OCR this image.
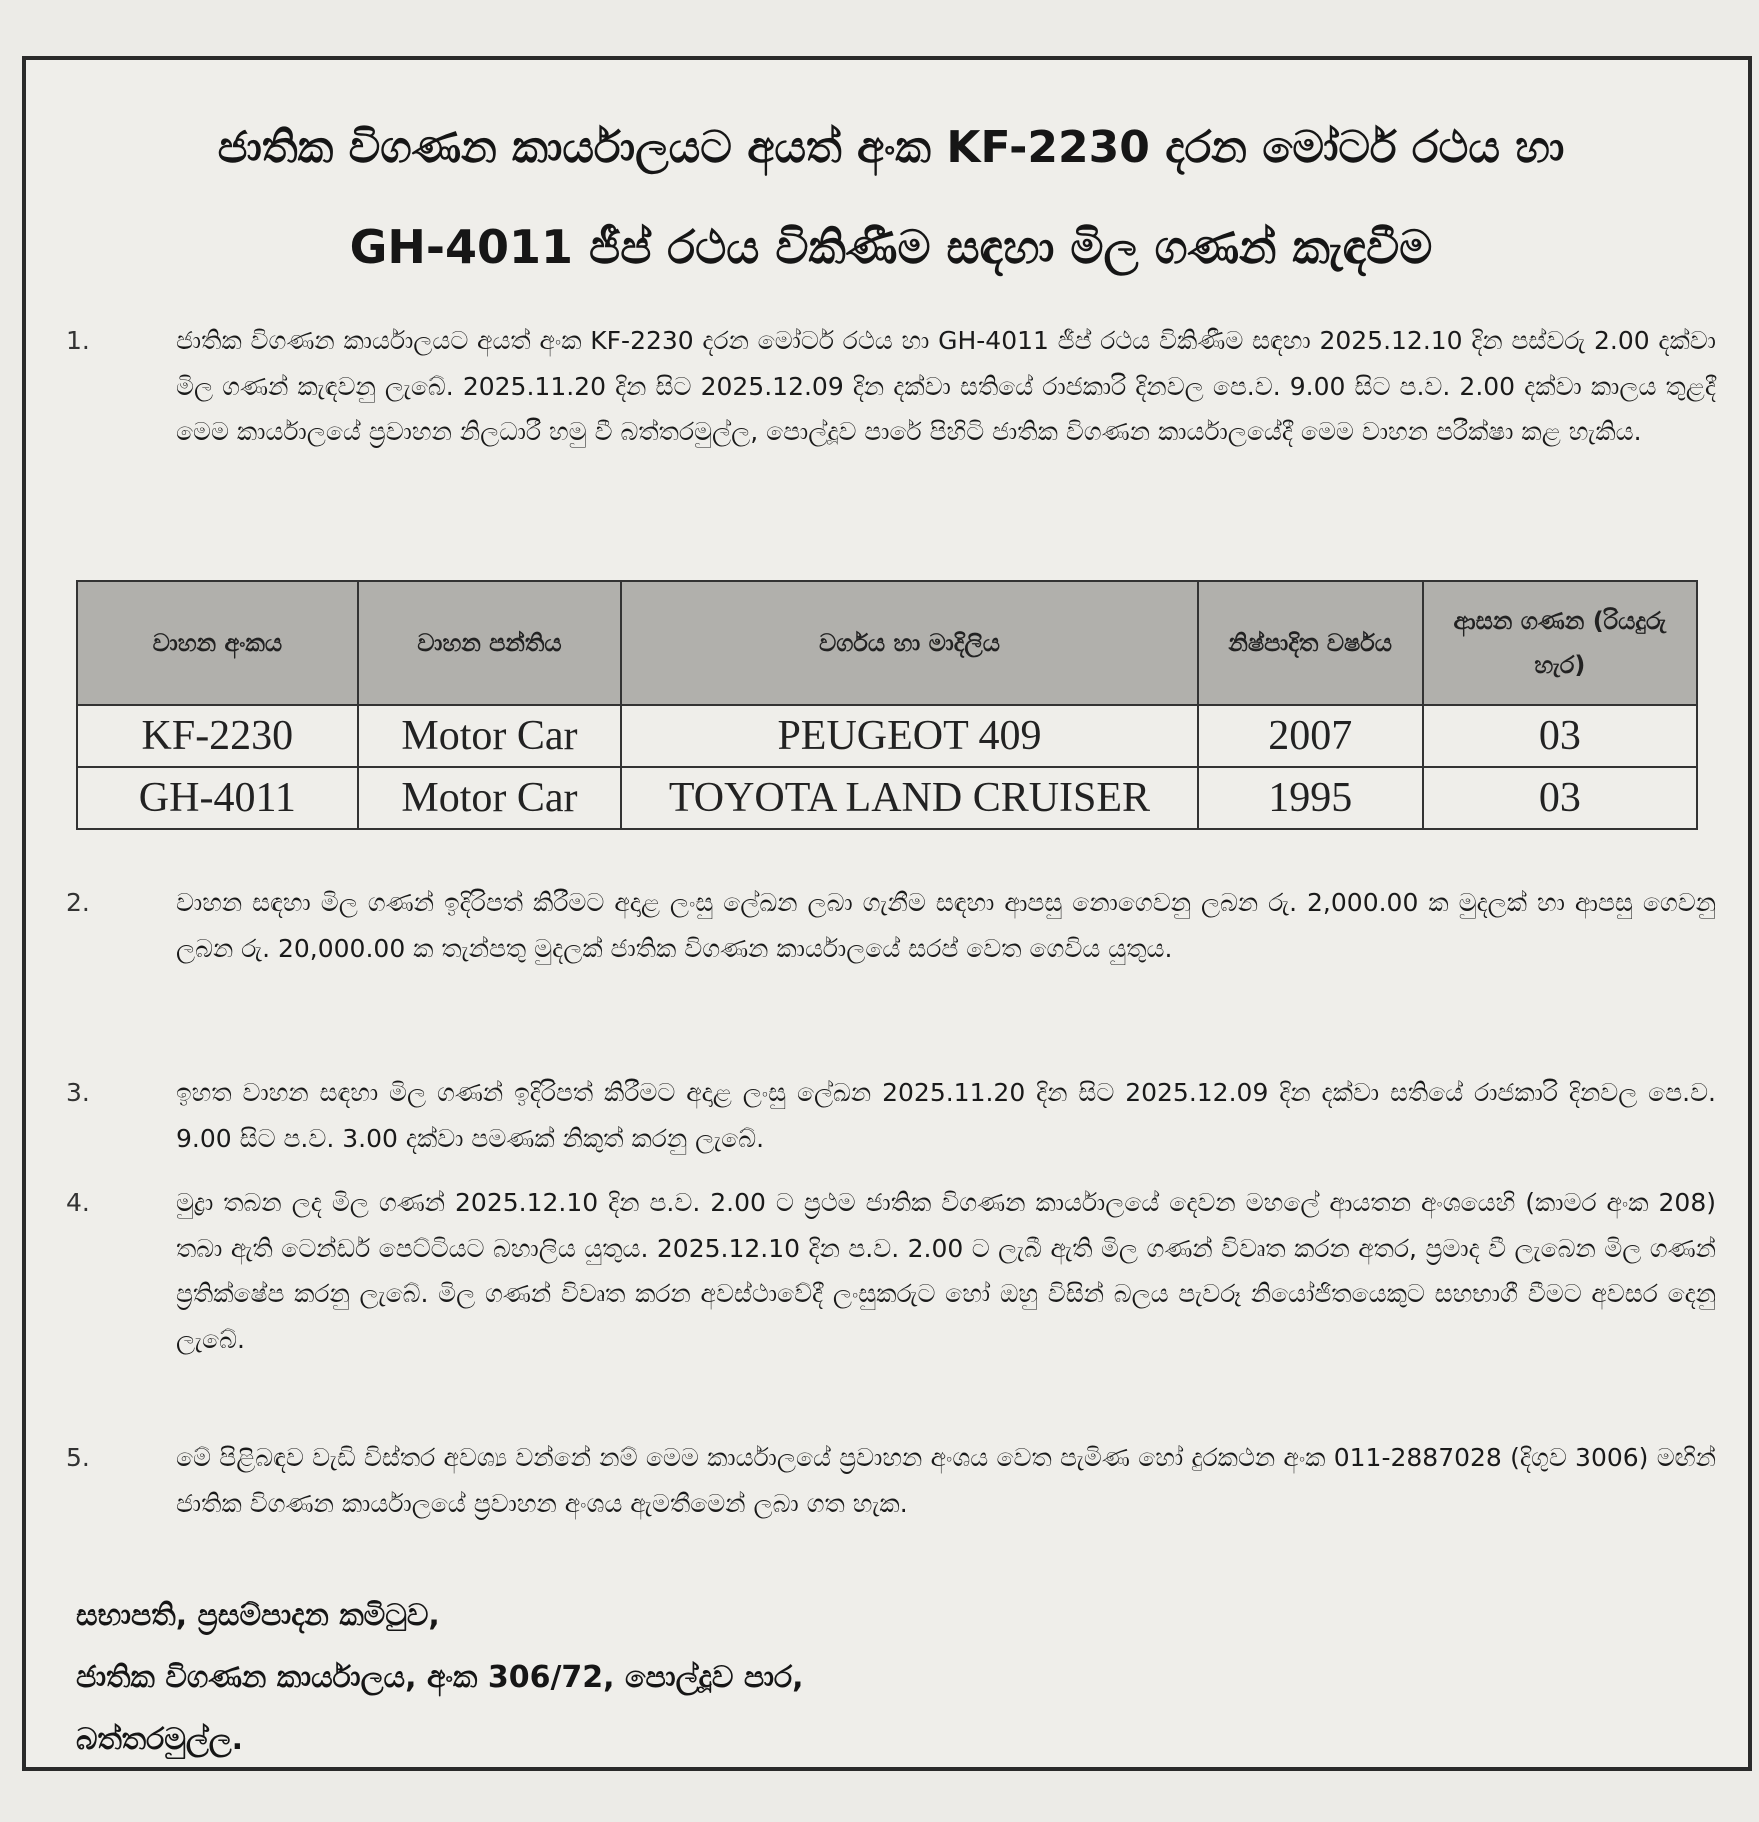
ජාතික විගණන කාර්යාලයට අයත් අංක KF-2230 දරන මෝටර් රථය හා
GH-4011 ජීප් රථය විකිණීම සඳහා මිල ගණන් කැඳවීම
1.	ජාතික විගණන කාර්යාලයට අයත් අංක KF-2230 දරන මෝටර් රථය හා GH-4011 ජීප් රථය විකිණීම සඳහා 2025.12.10 දින පස්වරු 2.00 දක්වා මිල ගණන් කැඳවනු ලැබේ. 2025.11.20 දින සිට 2025.12.09 දින දක්වා සතියේ රාජකාරි දිනවල පෙ.ව. 9.00 සිට ප.ව. 2.00 දක්වා කාලය තුළදී මෙම කාර්යාලයේ ප්‍රවාහන නිලධාරී හමු වී බත්තරමුල්ල, පොල්දූව පාරේ පිහිටි ජාතික විගණන කාර්යාලයේදී මෙම වාහන පරීක්ෂා කළ හැකිය.
වාහන අංකය	වාහන පන්තිය	වර්ගය හා මාදිලිය	නිෂ්පාදිත වර්ෂය	ආසන ගණන (රියදුරු හැර)
KF-2230	Motor Car	PEUGEOT 409	2007	03
GH-4011	Motor Car	TOYOTA LAND CRUISER	1995	03
2.	වාහන සඳහා මිල ගණන් ඉදිරිපත් කිරීමට අදාළ ලංසු ලේඛන ලබා ගැනීම සඳහා ආපසු නොගෙවනු ලබන රු. 2,000.00 ක මුදලක් හා ආපසු ගෙවනු ලබන රු. 20,000.00 ක තැන්පතු මුදලක් ජාතික විගණන කාර්යාලයේ සරප් වෙත ගෙවිය යුතුය.
3.	ඉහත වාහන සඳහා මිල ගණන් ඉදිරිපත් කිරීමට අදාළ ලංසු ලේඛන 2025.11.20 දින සිට 2025.12.09 දින දක්වා සතියේ රාජකාරි දිනවල පෙ.ව. 9.00 සිට ප.ව. 3.00 දක්වා පමණක් නිකුත් කරනු ලැබේ.
4.	මුද්‍රා තබන ලද මිල ගණන් 2025.12.10 දින ප.ව. 2.00 ට ප්‍රථම ජාතික විගණන කාර්යාලයේ දෙවන මහලේ ආයතන අංශයෙහි (කාමර අංක 208) තබා ඇති ටෙන්ඩර් පෙට්ටියට බහාලිය යුතුය. 2025.12.10 දින ප.ව. 2.00 ට ලැබී ඇති මිල ගණන් විවෘත කරන අතර, ප්‍රමාද වී ලැබෙන මිල ගණන් ප්‍රතික්ෂේප කරනු ලැබේ. මිල ගණන් විවෘත කරන අවස්ථාවේදී ලංසුකරුට හෝ ඔහු විසින් බලය පැවරූ නියෝජිතයෙකුට සහභාගී වීමට අවසර දෙනු ලැබේ.
5.	මේ පිළිබඳව වැඩි විස්තර අවශ්‍ය වන්නේ නම් මෙම කාර්යාලයේ ප්‍රවාහන අංශය වෙත පැමිණ හෝ දුරකථන අංක 011-2887028 (දිගුව 3006) මඟින් ජාතික විගණන කාර්යාලයේ ප්‍රවාහන අංශය ඇමතීමෙන් ලබා ගත හැක.
සභාපති, ප්‍රසම්පාදන කමිටුව,
ජාතික විගණන කාර්යාලය, අංක 306/72, පොල්දූව පාර,
බත්තරමුල්ල.
